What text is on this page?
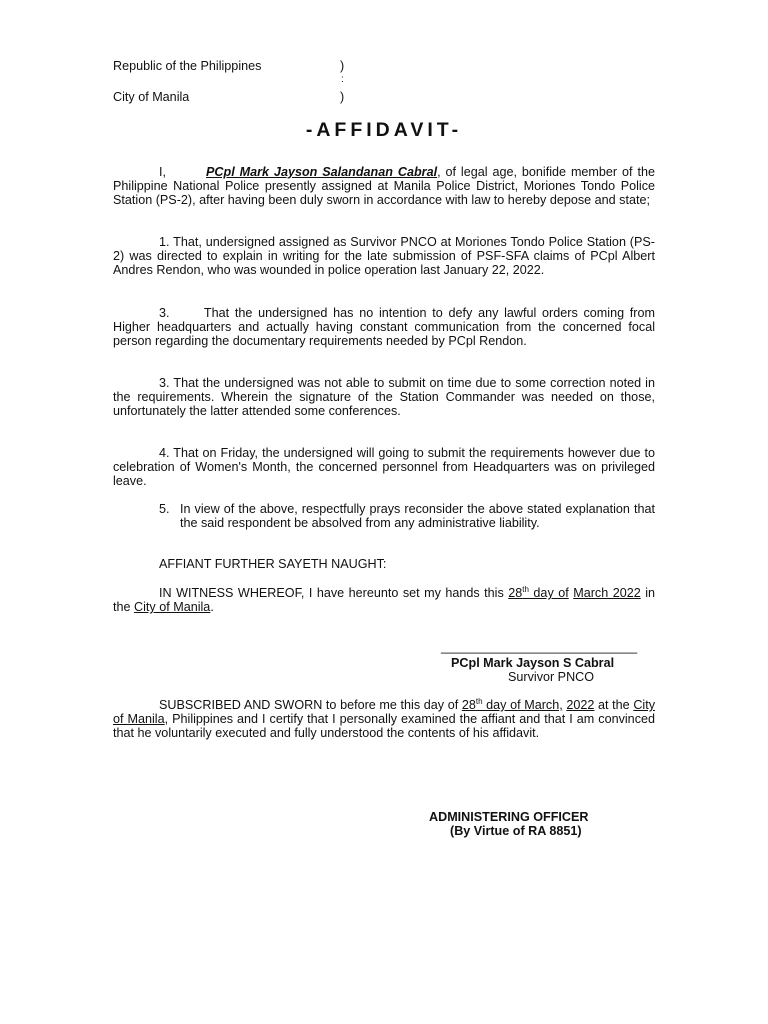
Republic of the Philippines	)
:
City of Manila	)
-AFFIDAVIT-
I,	PCpl Mark Jayson Salandanan Cabral, of legal age, bonifide member of the Philippine National Police presently assigned at Manila Police District, Moriones Tondo Police Station (PS-2), after having been duly sworn in accordance with law to hereby depose and state;
1. That, undersigned assigned as Survivor PNCO at Moriones Tondo Police Station (PS-2) was directed to explain in writing for the late submission of PSF-SFA claims of PCpl Albert Andres Rendon, who was wounded in police operation last January 22, 2022.
3.      That the undersigned has no intention to defy any lawful orders coming from Higher headquarters and actually having constant communication from the concerned focal person regarding the documentary requirements needed by PCpl Rendon.
3. That the undersigned was not able to submit on time due to some correction noted in the requirements. Wherein the signature of the Station Commander was needed on those, unfortunately the latter attended some conferences.
4. That on Friday, the undersigned will going to submit the requirements however due to celebration of Women's Month, the concerned personnel from Headquarters was on privileged leave.
5. In view of the above, respectfully prays reconsider the above stated explanation that the said respondent be absolved from any administrative liability.
AFFIANT FURTHER SAYETH NAUGHT:
IN WITNESS WHEREOF, I have hereunto set my hands this 28th day of March 2022 in the City of Manila.
____________________________
PCpl Mark Jayson S Cabral
Survivor PNCO
SUBSCRIBED AND SWORN to before me this day of 28th day of March, 2022 at the City of Manila, Philippines and I certify that I personally examined the affiant and that I am convinced that he voluntarily executed and fully understood the contents of his affidavit.
ADMINISTERING OFFICER
(By Virtue of RA 8851)
